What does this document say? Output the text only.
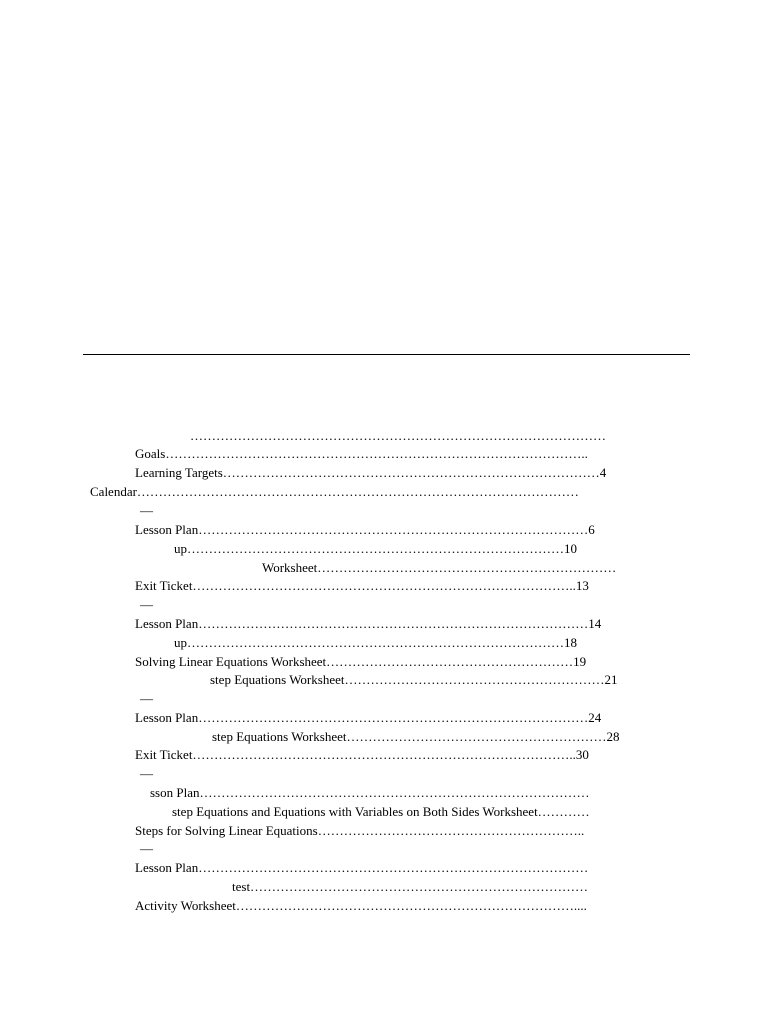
……………………………………………………………………………………
Goals……………………………………………………………………………………..
Learning Targets……………………………………………………………………………4
Calendar…………………………………………………………………………………………
—
Lesson Plan………………………………………………………………………………6
up……………………………………………………………………………10
Worksheet……………………………………………………………
Exit Ticket……………………………………………………………………………..13
—
Lesson Plan………………………………………………………………………………14
up……………………………………………………………………………18
Solving Linear Equations Worksheet…………………………………………………19
step Equations Worksheet……………………………………………………21
—
Lesson Plan………………………………………………………………………………24
step Equations Worksheet……………………………………………………28
Exit Ticket……………………………………………………………………………..30
—
sson Plan………………………………………………………………………………
step Equations and Equations with Variables on Both Sides Worksheet…………
Steps for Solving Linear Equations……………………………………………………..
—
Lesson Plan………………………………………………………………………………
test……………………………………………………………………
Activity Worksheet……………………………………………………………………....
